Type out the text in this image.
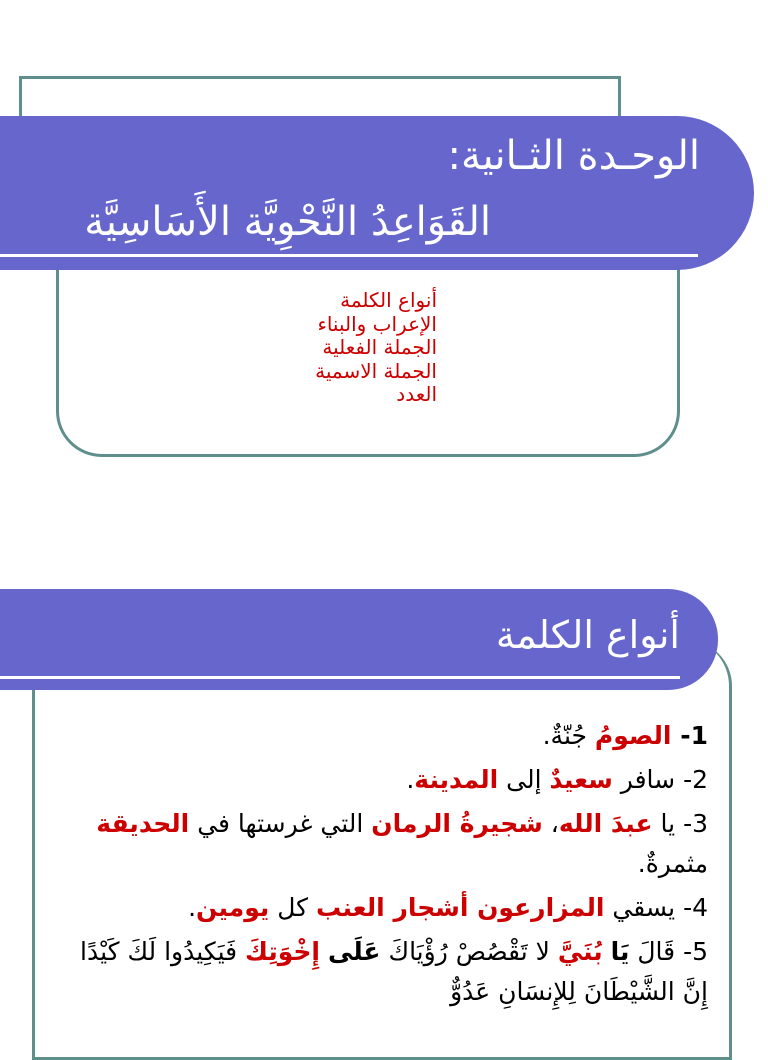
الوحـدة الثـانية:
القَوَاعِدُ النَّحْوِيَّة الأَسَاسِيَّة
أنواع الكلمة
الإعراب والبناء
الجملة الفعلية
الجملة الاسمية
العدد
أنواع الكلمة

1- الصومُ جُنّةٌ.

2- سافر سعيدٌ إلى المدينة.

3- يا عبدَ الله، شجيرةُ الرمان التي غرستها في الحديقة مثمرةٌ.

4- يسقي المزارعون أشجار العنب كل يومين.

5- قَالَ يَا بُنَيَّ لا تَقْصُصْ رُؤْيَاكَ عَلَى إِخْوَتِكَ فَيَكِيدُوا لَكَ كَيْدًا إِنَّ الشَّيْطَانَ لِلإِنسَانِ عَدُوٌّ
